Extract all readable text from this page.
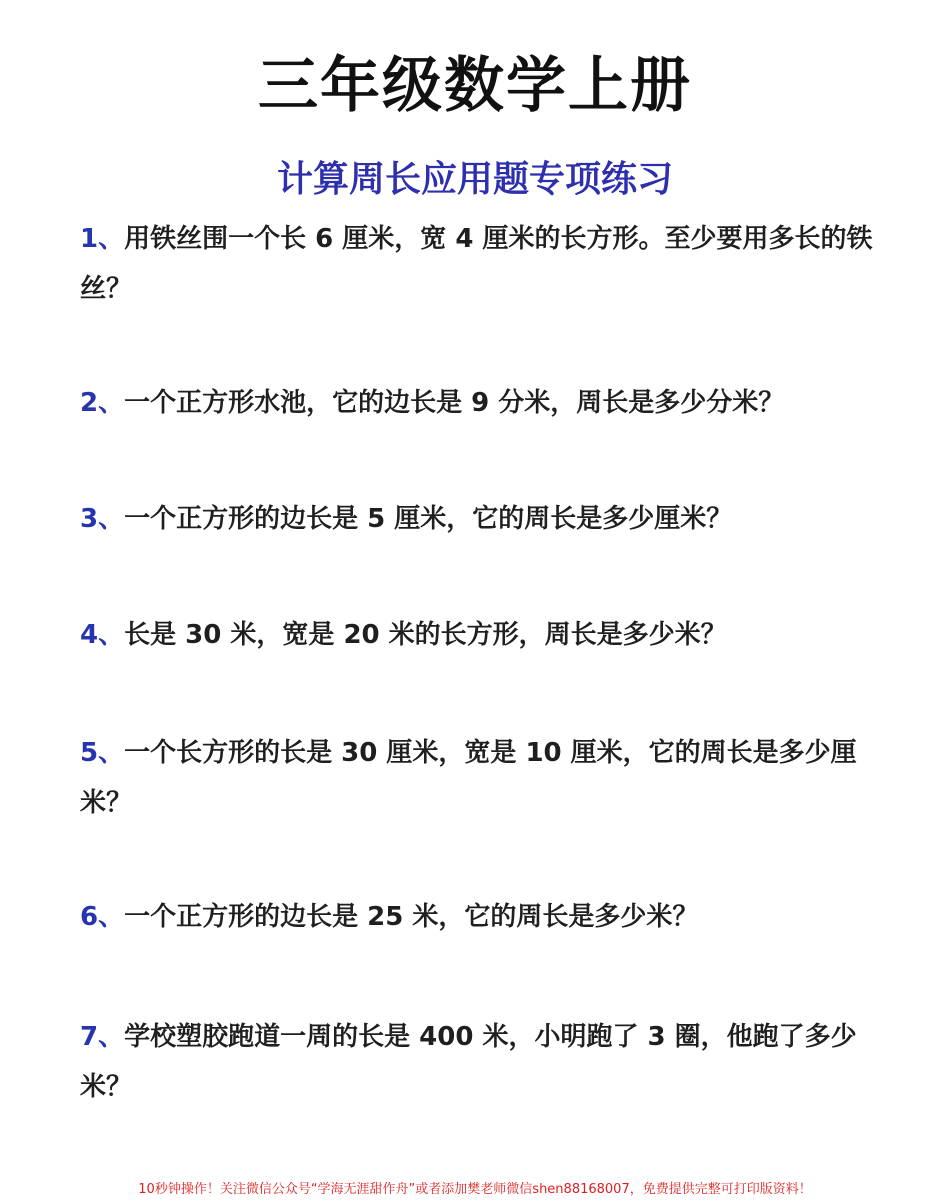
三年级数学上册
计算周长应用题专项练习
1、用铁丝围一个长 6 厘米，宽 4 厘米的长方形。至少要用多长的铁丝？
2、一个正方形水池，它的边长是 9 分米，周长是多少分米？
3、一个正方形的边长是 5 厘米，它的周长是多少厘米？
4、长是 30 米，宽是 20 米的长方形，周长是多少米？
5、一个长方形的长是 30 厘米，宽是 10 厘米，它的周长是多少厘米？
6、一个正方形的边长是 25 米，它的周长是多少米？
7、学校塑胶跑道一周的长是 400 米，小明跑了 3 圈，他跑了多少米？
10秒钟操作！关注微信公众号“学海无涯甜作舟”或者添加樊老师微信shen88168007，免费提供完整可打印版资料！
